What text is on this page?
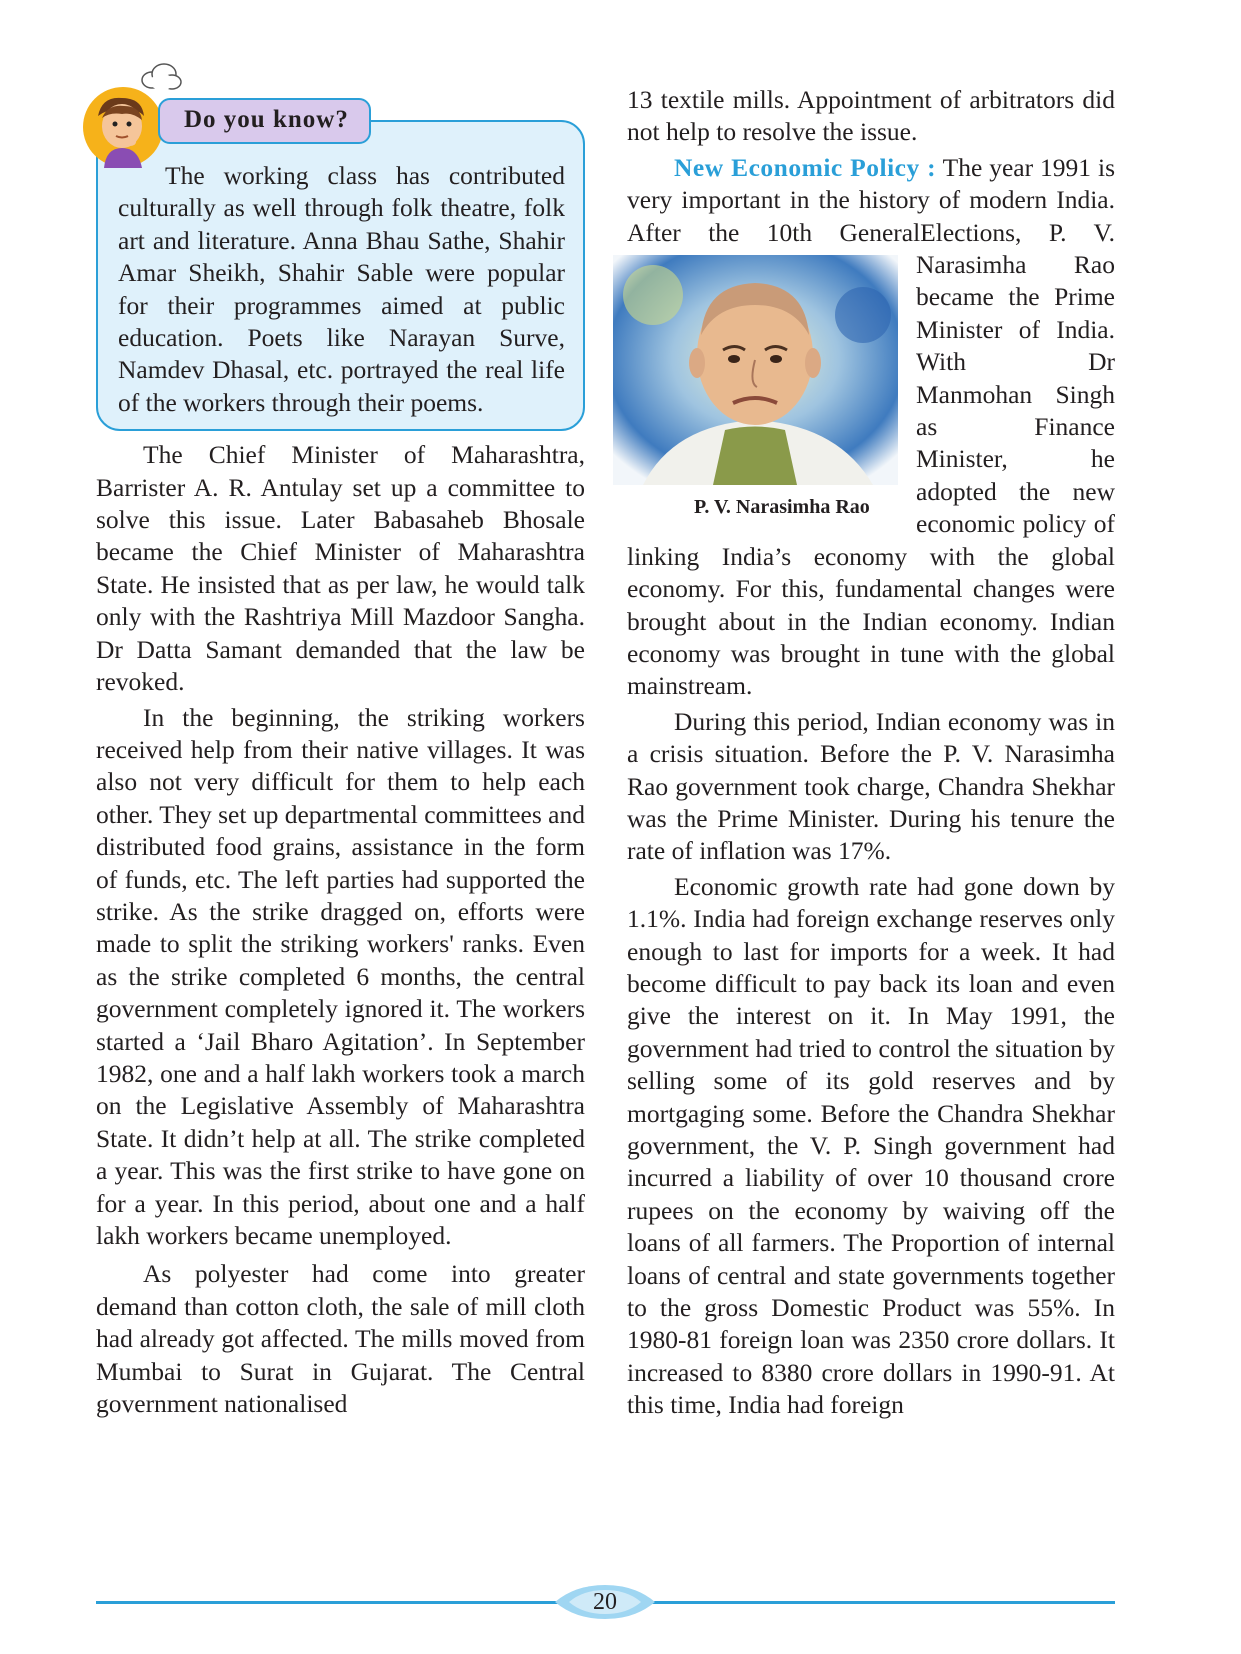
Do you know?

The working class has contributed culturally as well through folk theatre, folk art and literature. Anna Bhau Sathe, Shahir Amar Sheikh, Shahir Sable were popular for their programmes aimed at public education. Poets like Narayan Surve, Namdev Dhasal, etc. portrayed the real life of the workers through their poems.

The Chief Minister of Maharashtra, Barrister A. R. Antulay set up a committee to solve this issue. Later Babasaheb Bhosale became the Chief Minister of Maharashtra State. He insisted that as per law, he would talk only with the Rashtriya Mill Mazdoor Sangha. Dr Datta Samant demanded that the law be revoked.

In the beginning, the striking workers received help from their native villages. It was also not very difficult for them to help each other. They set up departmental committees and distributed food grains, assistance in the form of funds, etc. The left parties had supported the strike. As the strike dragged on, efforts were made to split the striking workers' ranks. Even as the strike completed 6 months, the central government completely ignored it. The workers started a ‘Jail Bharo Agitation’. In September 1982, one and a half lakh workers took a march on the Legislative Assembly of Maharashtra State. It didn’t help at all. The strike completed a year. This was the first strike to have gone on for a year. In this period, about one and a half lakh workers became unemployed.

As polyester had come into greater demand than cotton cloth, the sale of mill cloth had already got affected. The mills moved from Mumbai to Surat in Gujarat. The Central government nationalised

13 textile mills. Appointment of arbitrators did not help to resolve the issue.

New Economic Policy : The year 1991 is very important in the history of modern India. After the 10th General
P. V. Narasimha Rao
Elections, P. V. Narasimha Rao became the Prime Minister of India. With Dr Manmohan Singh as Finance Minister, he adopted the new economic policy of linking India’s economy with the global economy. For this, fundamental changes were brought about in the Indian economy. Indian economy was brought in tune with the global mainstream.

During this period, Indian economy was in a crisis situation. Before the P. V. Narasimha Rao government took charge, Chandra Shekhar was the Prime Minister. During his tenure the rate of inflation was 17%.

Economic growth rate had gone down by 1.1%. India had foreign exchange reserves only enough to last for imports for a week. It had become difficult to pay back its loan and even give the interest on it. In May 1991, the government had tried to control the situation by selling some of its gold reserves and by mortgaging some. Before the Chandra Shekhar government, the V. P. Singh government had incurred a liability of over 10 thousand crore rupees on the economy by waiving off the loans of all farmers. The Proportion of internal loans of central and state governments together to the gross Domestic Product was 55%. In 1980-81 foreign loan was 2350 crore dollars. It increased to 8380 crore dollars in 1990-91. At this time, India had foreign

20
